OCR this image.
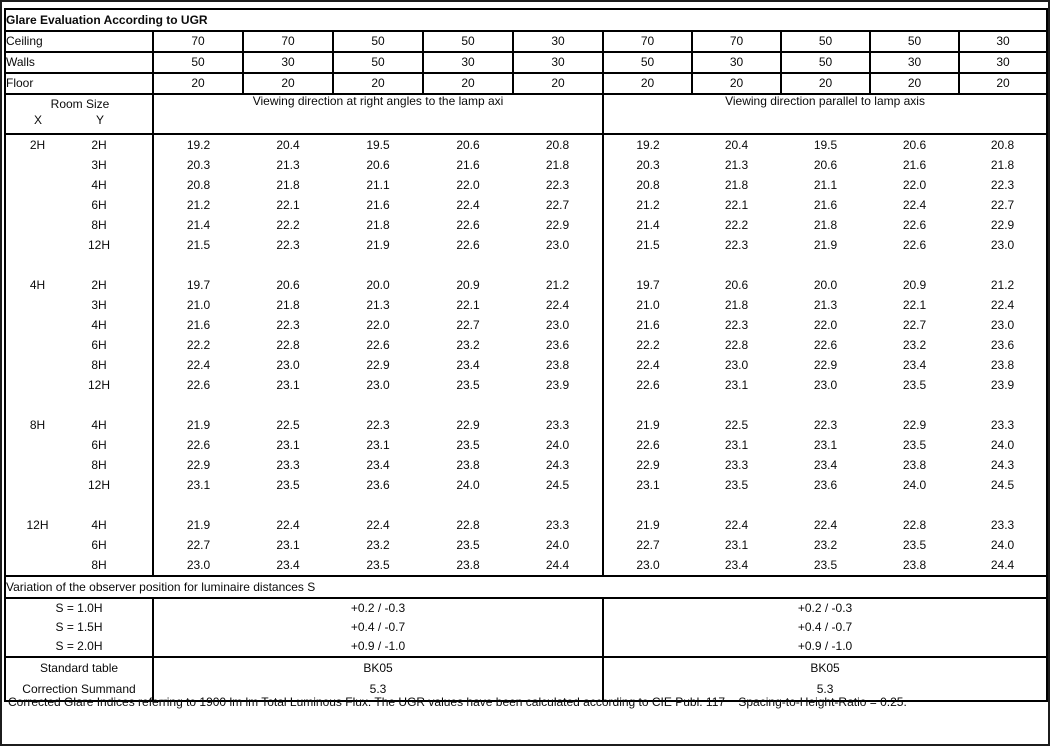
Glare Evaluation According to UGR												
Ceiling			70	70	50	50	30	70	70	50	50	30
Walls			50	30	50	30	30	50	30	50	30	30
Floor			20	20	20	20	20	20	20	20	20	20

Room Size
X Y			Viewing direction at right angles to the lamp axi					Viewing direction parallel to lamp axis				
2H	2H		19.2	20.4	19.5	20.6	20.8	19.2	20.4	19.5	20.6	20.8
	3H		20.3	21.3	20.6	21.6	21.8	20.3	21.3	20.6	21.6	21.8
	4H		20.8	21.8	21.1	22.0	22.3	20.8	21.8	21.1	22.0	22.3
	6H		21.2	22.1	21.6	22.4	22.7	21.2	22.1	21.6	22.4	22.7
	8H		21.4	22.2	21.8	22.6	22.9	21.4	22.2	21.8	22.6	22.9
	12H		21.5	22.3	21.9	22.6	23.0	21.5	22.3	21.9	22.6	23.0

4H	2H		19.7	20.6	20.0	20.9	21.2	19.7	20.6	20.0	20.9	21.2
	3H		21.0	21.8	21.3	22.1	22.4	21.0	21.8	21.3	22.1	22.4
	4H		21.6	22.3	22.0	22.7	23.0	21.6	22.3	22.0	22.7	23.0
	6H		22.2	22.8	22.6	23.2	23.6	22.2	22.8	22.6	23.2	23.6
	8H		22.4	23.0	22.9	23.4	23.8	22.4	23.0	22.9	23.4	23.8
	12H		22.6	23.1	23.0	23.5	23.9	22.6	23.1	23.0	23.5	23.9

8H	4H		21.9	22.5	22.3	22.9	23.3	21.9	22.5	22.3	22.9	23.3
	6H		22.6	23.1	23.1	23.5	24.0	22.6	23.1	23.1	23.5	24.0
	8H		22.9	23.3	23.4	23.8	24.3	22.9	23.3	23.4	23.8	24.3
	12H		23.1	23.5	23.6	24.0	24.5	23.1	23.5	23.6	24.0	24.5

12H	4H		21.9	22.4	22.4	22.8	23.3	21.9	22.4	22.4	22.8	23.3
	6H		22.7	23.1	23.2	23.5	24.0	22.7	23.1	23.2	23.5	24.0
	8H		23.0	23.4	23.5	23.8	24.4	23.0	23.4	23.5	23.8	24.4
Variation of the observer position for luminaire distances S												
S = 1.0H			+0.2 / -0.3					+0.2 / -0.3				
S = 1.5H			+0.4 / -0.7					+0.4 / -0.7				
S = 2.0H			+0.9 / -1.0					+0.9 / -1.0				
Standard table			BK05					BK05				
Correction Summand			5.3					5.3				
Corrected Glare Indices referring to 1900 lm lm Total Luminous Flux. The UGR values have been calculated according to CIE Publ. 117    Spacing-to-Height-Ratio = 0.25.
